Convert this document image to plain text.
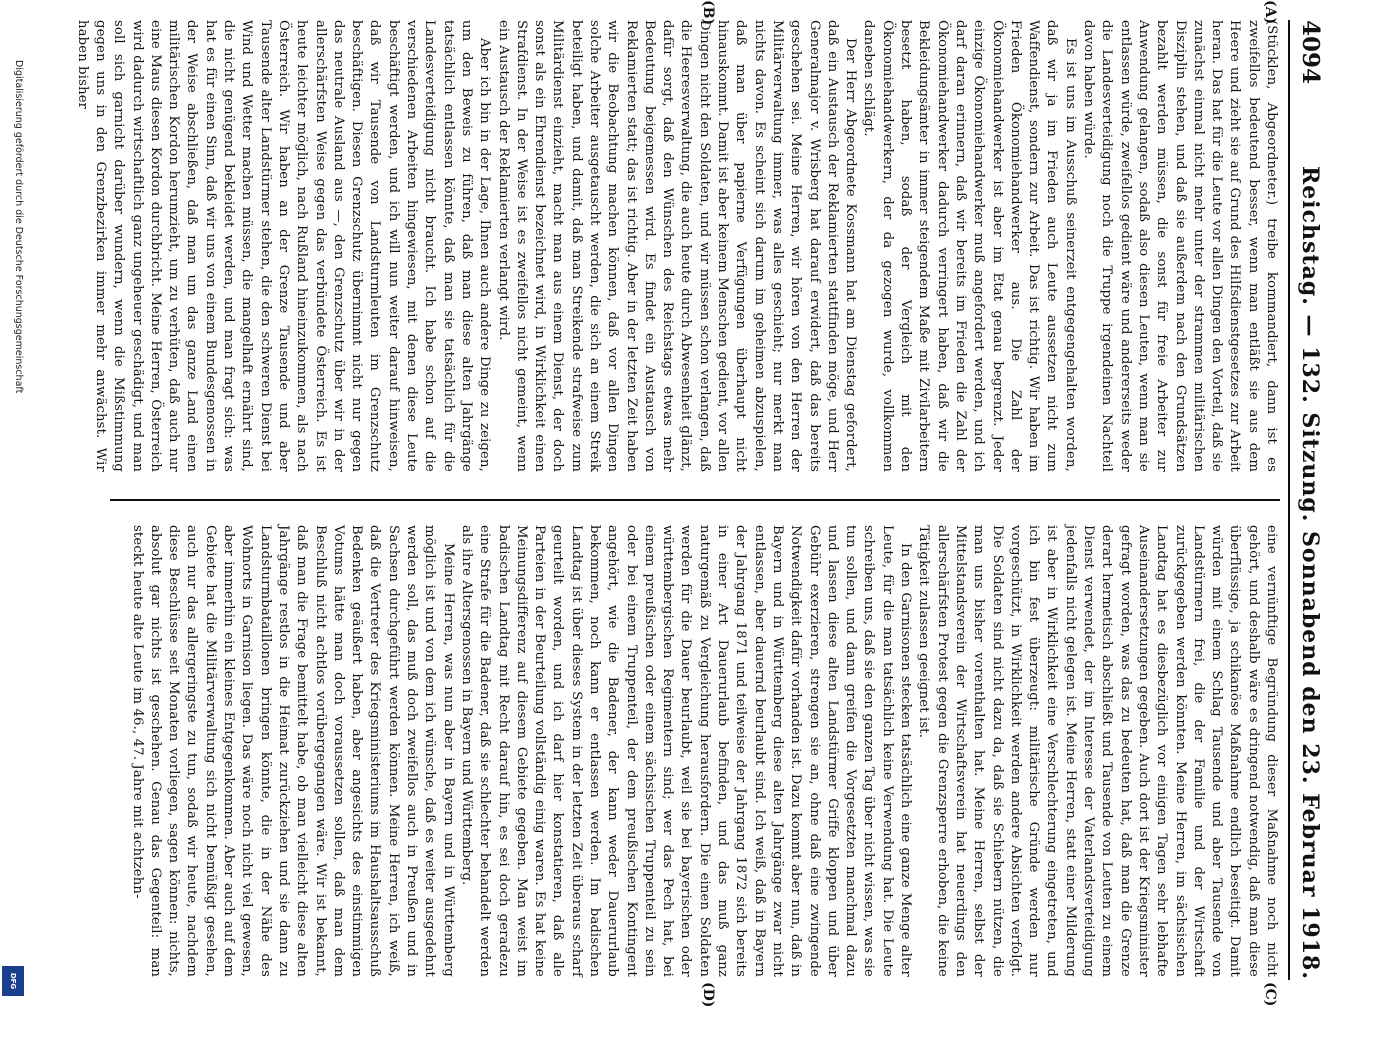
4094
Reichstag. — 132. Sitzung. Sonnabend den 23. Februar 1918.
(A)
(B)
(C)
(D)

(Stücklen, Abgeordneter.) treibe kommandiert, dann ist es zweifellos bedeutend besser, wenn man entläßt sie aus dem Heere und zieht sie auf Grund des Hilfsdienstgesetzes zur Arbeit heran. Das hat für die Leute vor allen Dingen den Vorteil, daß sie zunächst einmal nicht mehr unter der strammen militärischen Disziplin stehen, und daß sie außerdem nach den Grundsätzen bezahlt werden müssen, die sonst für freie Arbeiter zur Anwendung gelangen, sodaß also diesen Leuten, wenn man sie entlassen würde, zweifellos gedient wäre und andererseits weder die Landesverteidigung noch die Truppe irgendeinen Nachteil davon haben würde.

Es ist uns im Ausschuß seinerzeit entgegengehalten worden, daß wir ja im Frieden auch Leute aussetzen nicht zum Waffendienst, sondern zur Arbeit. Das ist richtig. Wir haben im Frieden Ökonomiehandwerker aus. Die Zahl der Ökonomiehandwerker ist aber im Etat genau begrenzt. Jeder einzige Ökonomiehandwerker muß angefordert werden, und ich darf daran erinnern, daß wir bereits im Frieden die Zahl der Ökonomiehandwerker dadurch verringert haben, daß wir die Bekleidungsämter in immer steigendem Maße mit Zivilarbeitern besetzt haben, sodaß der Vergleich mit den Ökonomiehandwerkern, der da gezogen wurde, vollkommen daneben schlägt.

Der Herr Abgeordnete Kossmann hat am Dienstag gefordert, daß ein Austausch der Reklamierten stattfinden möge, und Herr Generalmajor v. Wrisberg hat darauf erwidert, daß das bereits geschehen sei. Meine Herren, wir hören von den Herren der Militärverwaltung immer, was alles geschieht; nur merkt man nichts davon. Es scheint sich darum im geheimen abzuspielen, daß man über papierne Verfügungen überhaupt nicht hinauskommt. Damit ist aber keinem Menschen gedient, vor allen Dingen nicht den Soldaten, und wir müssen schon verlangen, daß die Heeresverwaltung, die auch heute durch Abwesenheit glänzt, dafür sorgt, daß den Wünschen des Reichstags etwas mehr Bedeutung beigemessen wird. Es findet ein Austausch von Reklamierten statt; das ist richtig. Aber in der letzten Zeit haben wir die Beobachtung machen können, daß vor allen Dingen solche Arbeiter ausgetauscht werden, die sich an einem Streik beteiligt haben, und damit, daß man Streikende strafweise zum Militärdienst einzieht, macht man aus einem Dienst, der doch sonst als ein Ehrendienst bezeichnet wird, in Wirklichkeit einen Strafdienst. In der Weise ist es zweifellos nicht gemeint, wenn ein Austausch der Reklamierten verlangt wird.

Aber ich bin in der Lage, Ihnen auch andere Dinge zu zeigen, um den Beweis zu führen, daß man diese alten Jahrgänge tatsächlich entlassen könnte, daß man sie tatsächlich für die Landesverteidigung nicht braucht. Ich habe schon auf die verschiedenen Arbeiten hingewiesen, mit denen diese Leute beschäftigt werden, und ich will nun weiter darauf hinweisen, daß wir Tausende von Landsturmleuten im Grenzschutz beschäftigen. Diesen Grenzschutz übernimmt nicht nur gegen das neutrale Ausland aus —, den Grenzschutz über wir in der allerschärfsten Weise gegen das verbündete Österreich. Es ist heute leichter möglich, nach Rußland hineinzukommen, als nach Österreich. Wir haben an der Grenze Tausende und aber Tausende alter Landstürmer stehen, die den schweren Dienst bei Wind und Wetter machen müssen, die mangelhaft ernährt sind, die nicht genügend bekleidet werden, und man fragt sich: was hat es für einen Sinn, daß wir uns von einem Bundesgenossen in der Weise abschließen, daß man um das ganze Land einen militärischen Kordon herumzieht, um zu verhüten, daß auch nur eine Maus diesen Kordon durchbricht. Meine Herren, Österreich wird dadurch wirtschaftlich ganz ungeheuer geschädigt, und man soll sich garnicht darüber wundern, wenn die Mißstimmung gegen uns in den Grenzbezirken immer mehr anwächst. Wir haben bisher

eine vernünftige Begründung dieser Maßnahme noch nicht gehört, und deshalb wäre es dringend notwendig, daß man diese überflüssige, ja schikanöse Maßnahme endlich beseitigt. Damit würden mit einem Schlag Tausende und aber Tausende von Landstürmern frei, die der Familie und der Wirtschaft zurückgegeben werden könnten. Meine Herren, im sächsischen Landtag hat es diesbezüglich vor einigen Tagen sehr lebhafte Auseinandersetzungen gegeben. Auch dort ist der Kriegsminister gefragt worden, was das zu bedeuten hat, daß man die Grenze derart hermetisch abschließt und Tausende von Leuten zu einem Dienst verwendet, der im Interesse der Vaterlandsverteidigung jedenfalls nicht gelegen ist. Meine Herren, statt einer Milderung ist aber in Wirklichkeit eine Verschlechterung eingetreten, und ich bin fest überzeugt: militärische Gründe werden nur vorgeschützt, in Wirklichkeit werden andere Absichten verfolgt. Die Soldaten sind nicht dazu da, daß sie Schiebern nützen, die man uns bisher vorenthalten hat. Meine Herren, selbst der Mittelstandsverein der Wirtschaftsverein hat neuerdings den allerschärfsten Protest gegen die Grenzsperre erhoben, die keine Tätigkeit zulassen geeignet ist.

In den Garnisonen stecken tatsächlich eine ganze Menge alter Leute, für die man tatsächlich keine Verwendung hat. Die Leute schreiben uns, daß sie den ganzen Tag über nicht wissen, was sie tun sollen, und dann greifen die Vorgesetzten manchmal dazu und lassen diese alten Landstürmer Griffe kloppen und über Gebühr exerzieren, strengen sie an, ohne daß eine zwingende Notwendigkeit dafür vorhanden ist. Dazu kommt aber nun, daß in Bayern und in Württemberg diese alten Jahrgänge zwar nicht entlassen, aber dauernd beurlaubt sind. Ich weiß, daß in Bayern der Jahrgang 1871 und teilweise der Jahrgang 1872 sich bereits in einer Art Dauerurlaub befinden, und das muß ganz naturgemäß zu Vergleichung herausfordern. Die einen Soldaten werden für die Dauer beurlaubt, weil sie bei bayerischen oder württembergischen Regimentern sind; wer das Pech hat, bei einem preußischen oder einem sächsischen Truppenteil zu sein oder bei einem Truppenteil, der dem preußischen Kontingent angehört, wie die Badener, der kann weder Dauerurlaub bekommen, noch kann er entlassen werden. Im badischen Landtag ist über dieses System in der letzten Zeit überaus scharf geurteilt worden, und ich darf hier konstatieren, daß alle Parteien in der Beurteilung vollständig einig waren. Es hat keine Meinungsdifferenz auf diesem Gebiete gegeben. Man weist im badischen Landtag mit Recht darauf hin, es sei doch geradezu eine Strafe für die Badener, daß sie schlechter behandelt werden als ihre Altersgenossen in Bayern und Württemberg.

Meine Herren, was nun aber in Bayern und in Württemberg möglich ist und von dem ich wünsche, daß es weiter ausgedehnt werden soll, das muß doch zweifellos auch in Preußen und in Sachsen durchgeführt werden können. Meine Herren, ich weiß, daß die Vertreter des Kriegsministeriums im Haushaltsausschuß Bedenken geäußert haben, aber angesichts des einstimmigen Votums hätte man doch voraussetzen sollen, daß man dem Beschluß nicht achtlos vorübergegangen wäre. Wir ist bekannt, daß man die Frage bemittelt habe, ob man vielleicht diese alten Jahrgänge restlos in die Heimat zurückziehen und sie dann zu Landsturmbataillonen bringen könnte, die in der Nähe des Wohnorts in Garnison liegen. Das wäre noch nicht viel gewesen, aber immerhin ein kleines Entgegenkommen. Aber auch auf dem Gebiete hat die Militärverwaltung sich nicht bemüßigt gesehen, auch nur das allergeringste zu tun, sodaß wir heute, nachdem diese Beschlüsse seit Monaten vorliegen, sagen können: nichts, absolut gar nichts ist geschehen. Genau das Gegenteil: man steckt heute alte Leute im 46., 47. Jahre mit achtzehn-

Digitalisierung gefördert durch die Deutsche Forschungsgemeinschaft
DFG
